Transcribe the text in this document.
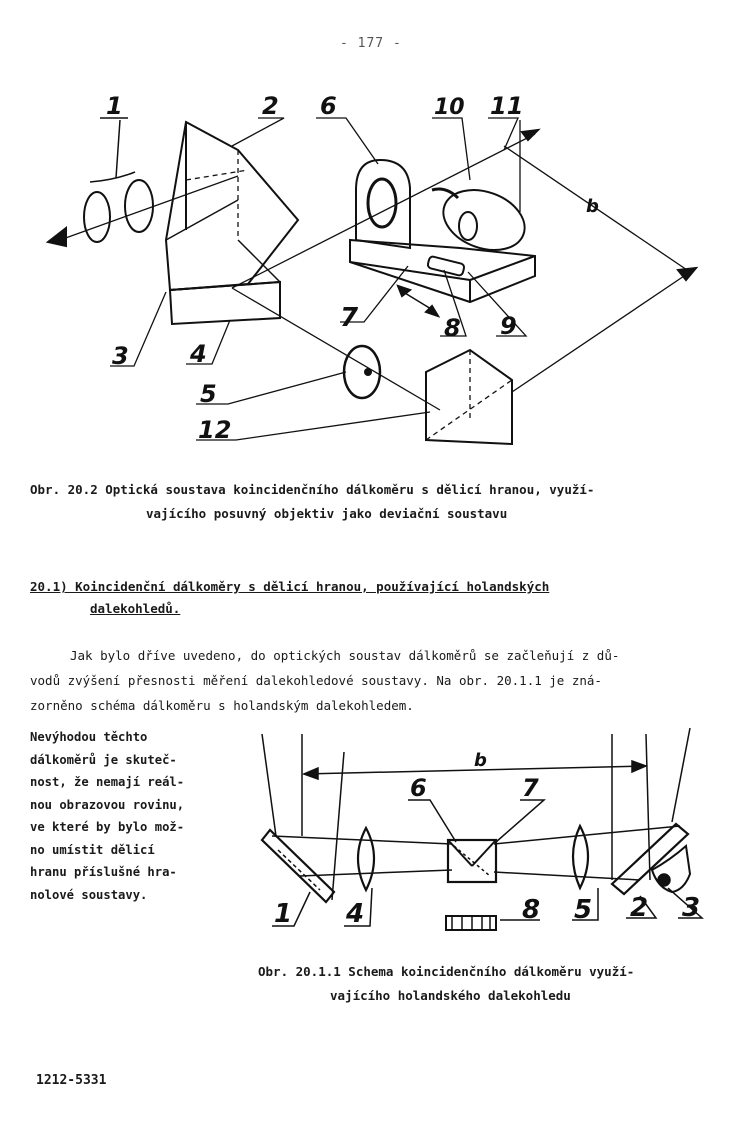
- 177 -
1	2 6	10 11
b
7	8 9
3	4
5
12
Obr. 20.2 Optická soustava koincidenčního dálkoměru s dělicí hranou, využí-
vajícího posuvný objektiv jako deviační soustavu
20.1) Koincidenční dálkoměry s dělicí hranou, používající holandských
dalekohledů.
Jak bylo dříve uvedeno, do optických soustav dálkoměrů se začleňují z dů-
vodů zvýšení přesnosti měření dalekohledové soustavy. Na obr. 20.1.1 je zná-
zorněno schéma dálkoměru s holandským dalekohledem.
Nevýhodou těchto
dálkoměrů je skuteč-
nost, že nemají reál-
nou obrazovou rovinu,
ve které by bylo mož-
no umístit dělicí
hranu příslušné hra-
nolové soustavy.
b
6	7
1 4	8 5 2 3
Obr. 20.1.1 Schema koincidenčního dálkoměru využí-
vajícího holandského dalekohledu
1212-5331
